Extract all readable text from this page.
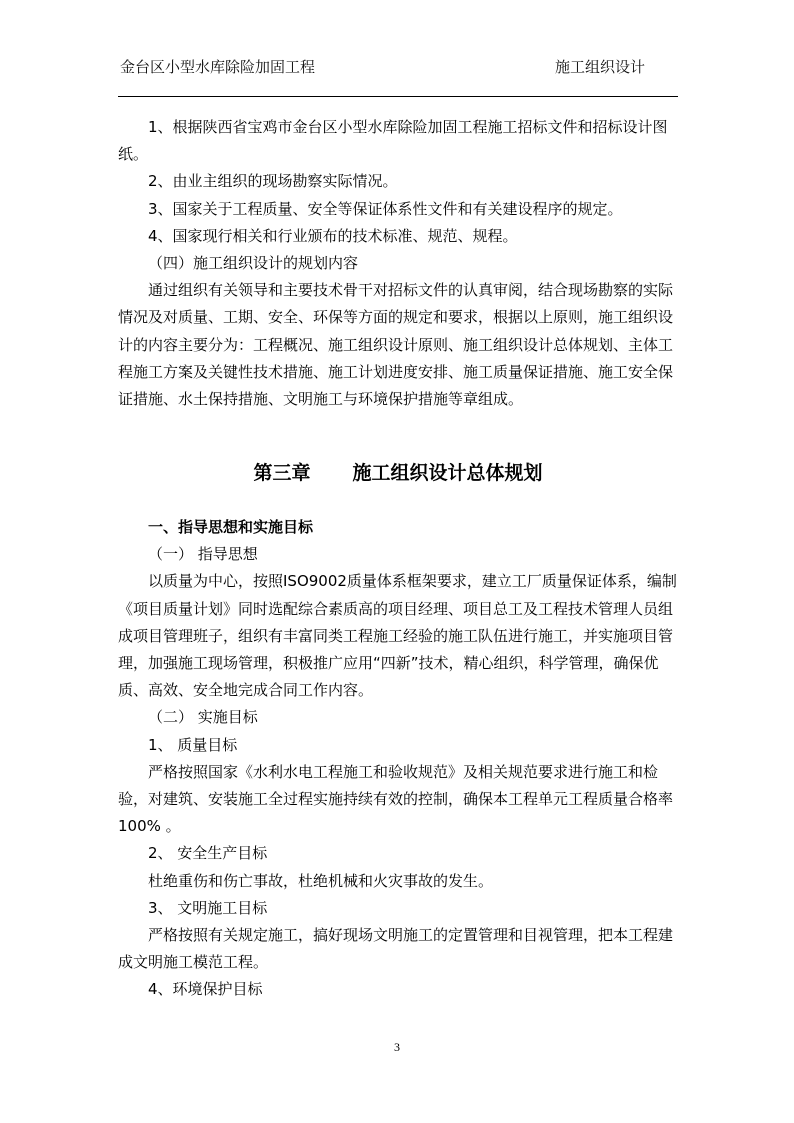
金台区小型水库除险加固工程	施工组织设计

1、根据陕西省宝鸡市金台区小型水库除险加固工程施工招标文件和招标设计图纸。

2、由业主组织的现场勘察实际情况。

3、国家关于工程质量、安全等保证体系性文件和有关建设程序的规定。

4、国家现行相关和行业颁布的技术标准、规范、规程。

（四）施工组织设计的规划内容

通过组织有关领导和主要技术骨干对招标文件的认真审阅，结合现场勘察的实际情况及对质量、工期、安全、环保等方面的规定和要求，根据以上原则，施工组织设计的内容主要分为：工程概况、施工组织设计原则、施工组织设计总体规划、主体工程施工方案及关键性技术措施、施工计划进度安排、施工质量保证措施、施工安全保证措施、水土保持措施、文明施工与环境保护措施等章组成。

第三章 施工组织设计总体规划

一、指导思想和实施目标

（一） 指导思想

以质量为中心，按照ISO9002质量体系框架要求，建立工厂质量保证体系，编制《项目质量计划》同时选配综合素质高的项目经理、项目总工及工程技术管理人员组成项目管理班子，组织有丰富同类工程施工经验的施工队伍进行施工，并实施项目管理，加强施工现场管理，积极推广应用“四新”技术，精心组织，科学管理，确保优质、高效、安全地完成合同工作内容。

（二） 实施目标

1、 质量目标

严格按照国家《水利水电工程施工和验收规范》及相关规范要求进行施工和检验，对建筑、安装施工全过程实施持续有效的控制，确保本工程单元工程质量合格率100% 。

2、 安全生产目标

杜绝重伤和伤亡事故，杜绝机械和火灾事故的发生。

3、 文明施工目标

严格按照有关规定施工，搞好现场文明施工的定置管理和目视管理，把本工程建成文明施工模范工程。

4、环境保护目标

3
